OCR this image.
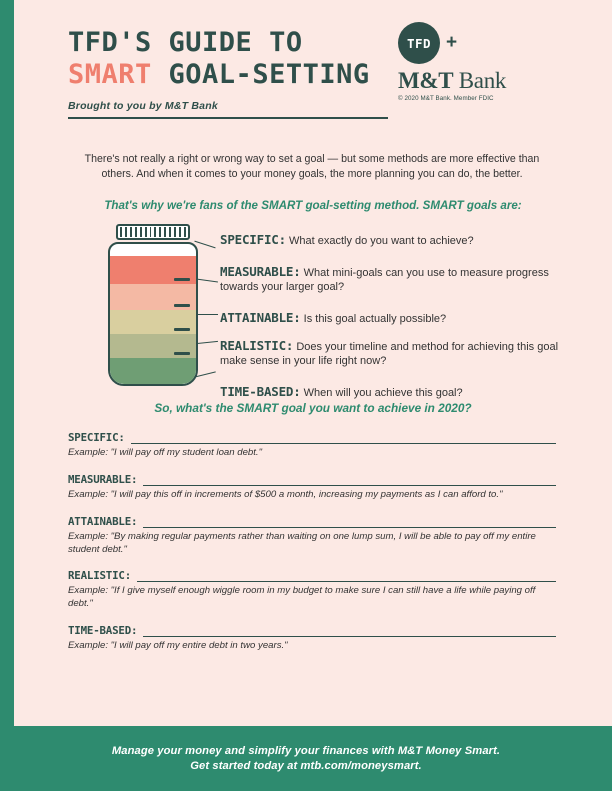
TFD'S GUIDE TO
SMART GOAL-SETTING
Brought to you by M&T Bank
TFD +
M&T Bank
© 2020 M&T Bank. Member FDIC
There's not really a right or wrong way to set a goal — but some methods are more effective than others. And when it comes to your money goals, the more planning you can do, the better.
That's why we're fans of the SMART goal-setting method. SMART goals are:
SPECIFIC: What exactly do you want to achieve?
MEASURABLE: What mini-goals can you use to measure progress towards your larger goal?
ATTAINABLE: Is this goal actually possible?
REALISTIC: Does your timeline and method for achieving this goal make sense in your life right now?
TIME-BASED: When will you achieve this goal?
So, what's the SMART goal you want to achieve in 2020?
SPECIFIC:
Example: "I will pay off my student loan debt."
MEASURABLE:
Example: "I will pay this off in increments of $500 a month, increasing my payments as I can afford to."
ATTAINABLE:
Example: "By making regular payments rather than waiting on one lump sum, I will be able to pay off my entire student debt."
REALISTIC:
Example: "If I give myself enough wiggle room in my budget to make sure I can still have a life while paying off debt."
TIME-BASED:
Example: "I will pay off my entire debt in two years."
Manage your money and simplify your finances with M&T Money Smart.
Get started today at mtb.com/moneysmart.
